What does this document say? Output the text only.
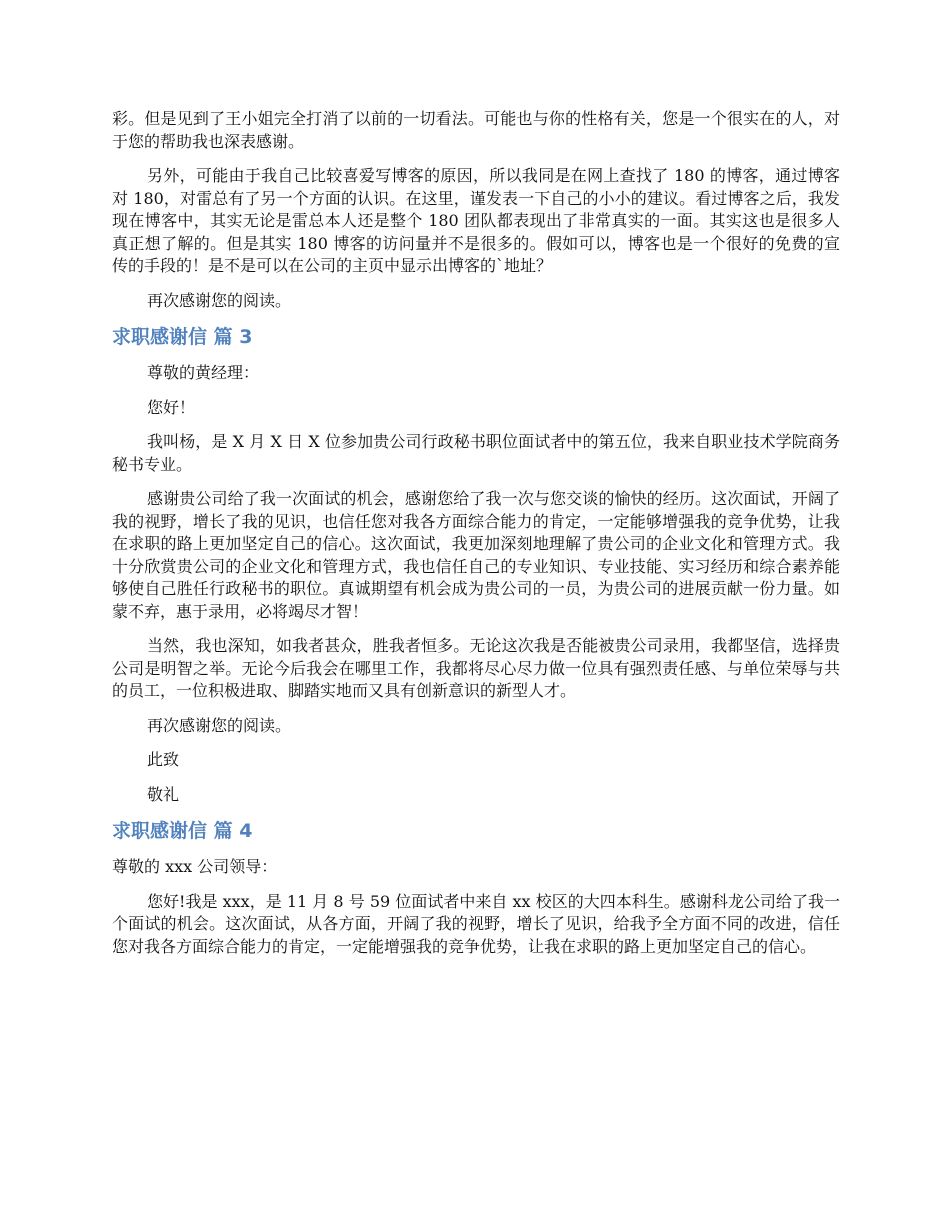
彩。但是见到了王小姐完全打消了以前的一切看法。可能也与你的性格有关，您是一个很实在的人，对于您的帮助我也深表感谢。

另外，可能由于我自己比较喜爱写博客的原因，所以我同是在网上查找了 180 的博客，通过博客对 180，对雷总有了另一个方面的认识。在这里，谨发表一下自己的小小的建议。看过博客之后，我发现在博客中，其实无论是雷总本人还是整个 180 团队都表现出了非常真实的一面。其实这也是很多人真正想了解的。但是其实 180 博客的访问量并不是很多的。假如可以，博客也是一个很好的免费的宣传的手段的！是不是可以在公司的主页中显示出博客的`地址？

再次感谢您的阅读。

求职感谢信 篇 3

尊敬的黄经理：

您好！

我叫杨，是 X 月 X 日 X 位参加贵公司行政秘书职位面试者中的第五位，我来自职业技术学院商务秘书专业。

感谢贵公司给了我一次面试的机会，感谢您给了我一次与您交谈的愉快的经历。这次面试，开阔了我的视野，增长了我的见识，也信任您对我各方面综合能力的肯定，一定能够增强我的竞争优势，让我在求职的路上更加坚定自己的信心。这次面试，我更加深刻地理解了贵公司的企业文化和管理方式。我十分欣赏贵公司的企业文化和管理方式，我也信任自己的专业知识、专业技能、实习经历和综合素养能够使自己胜任行政秘书的职位。真诚期望有机会成为贵公司的一员，为贵公司的进展贡献一份力量。如蒙不弃，惠于录用，必将竭尽才智！

当然，我也深知，如我者甚众，胜我者恒多。无论这次我是否能被贵公司录用，我都坚信，选择贵公司是明智之举。无论今后我会在哪里工作，我都将尽心尽力做一位具有强烈责任感、与单位荣辱与共的员工，一位积极进取、脚踏实地而又具有创新意识的新型人才。

再次感谢您的阅读。

此致

敬礼

求职感谢信 篇 4

尊敬的 xxx 公司领导：

您好!我是 xxx，是 11 月 8 号 59 位面试者中来自 xx 校区的大四本科生。感谢科龙公司给了我一个面试的机会。这次面试，从各方面，开阔了我的视野，增长了见识，给我予全方面不同的改进，信任您对我各方面综合能力的肯定，一定能增强我的竞争优势，让我在求职的路上更加坚定自己的信心。
